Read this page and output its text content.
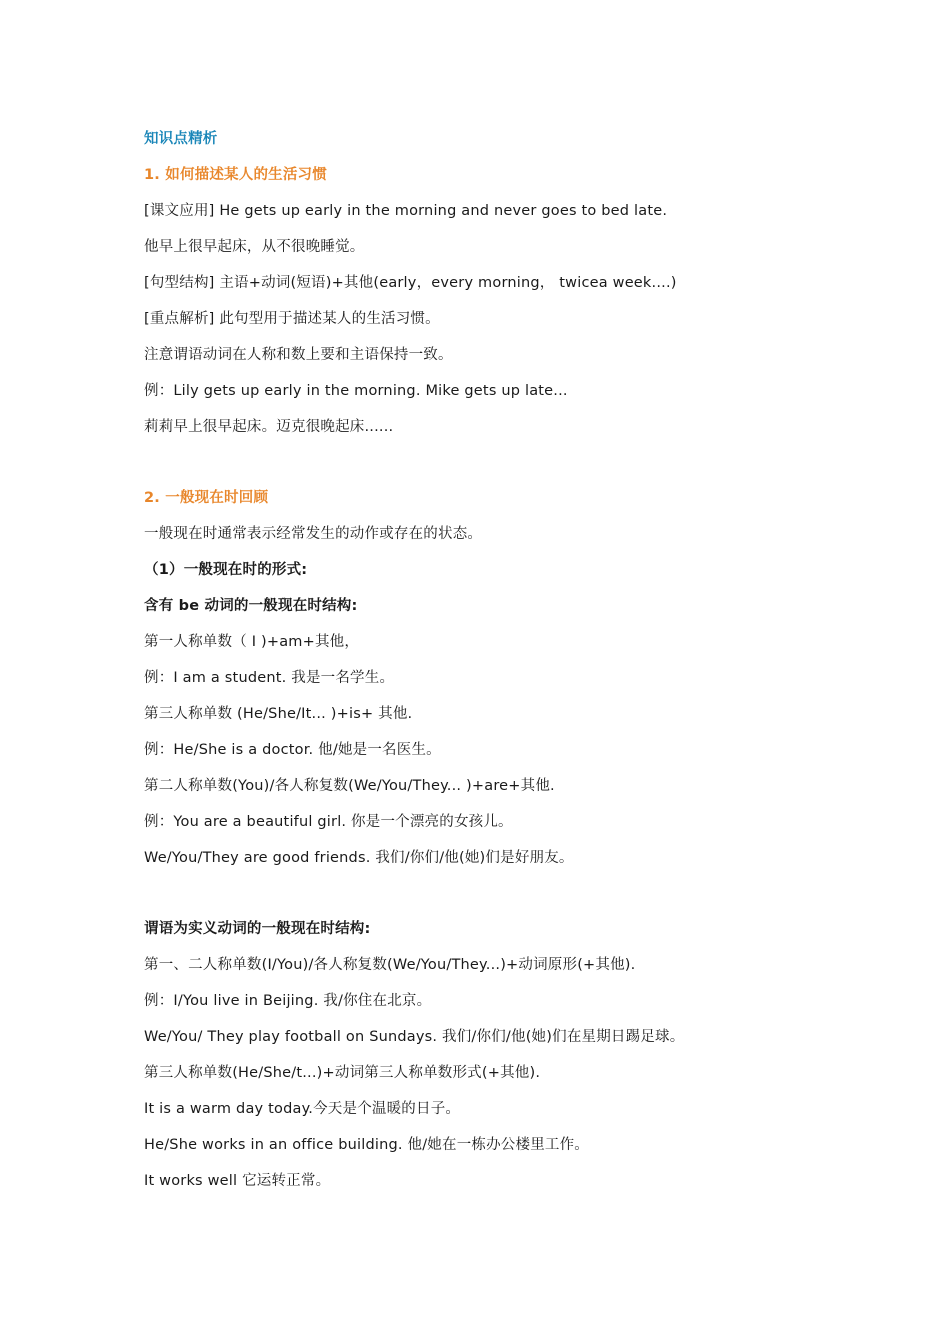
知识点精析
1. 如何描述某人的生活习惯
[课文应用] He gets up early in the morning and never goes to bed late.
他早上很早起床，从不很晚睡觉。
[句型结构] 主语+动词(短语)+其他(early，every morning， twicea week....)
[重点解析] 此句型用于描述某人的生活习惯。
注意谓语动词在人称和数上要和主语保持一致。
例：Lily gets up early in the morning. Mike gets up late...
莉莉早上很早起床。迈克很晚起床......
2. 一般现在时回顾
一般现在时通常表示经常发生的动作或存在的状态。
（1）一般现在时的形式:
含有 be 动词的一般现在时结构:
第一人称单数（ I )+am+其他，
例：I am a student. 我是一名学生。
第三人称单数 (He/She/It... )+is+ 其他.
例：He/She is a doctor. 他/她是一名医生。
第二人称单数(You)/各人称复数(We/You/They... )+are+其他.
例：You are a beautiful girl. 你是一个漂亮的女孩儿。
We/You/They are good friends. 我们/你们/他(她)们是好朋友。
谓语为实义动词的一般现在时结构:
第一、二人称单数(I/You)/各人称复数(We/You/They...)+动词原形(+其他).
例：I/You live in Beijing. 我/你住在北京。
We/You/ They play football on Sundays. 我们/你们/他(她)们在星期日踢足球。
第三人称单数(He/She/t...)+动词第三人称单数形式(+其他).
It is a warm day today.今天是个温暖的日子。
He/She works in an office building. 他/她在一栋办公楼里工作。
It works well 它运转正常。
